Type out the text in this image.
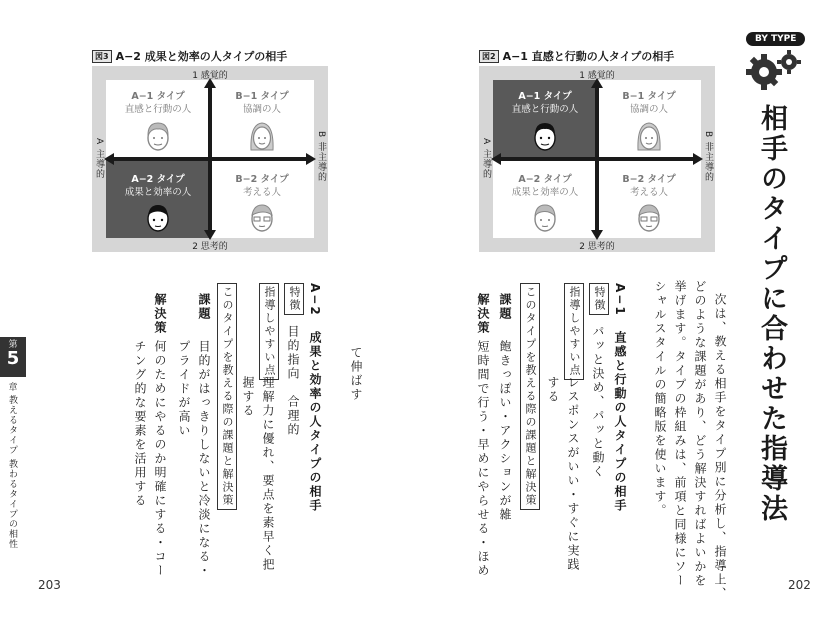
図3 A−2 成果と効率の人タイプの相手
A−1 タイプ
直感と行動の人
B−1 タイプ
協調の人
A−2 タイプ
成果と効率の人
B−2 タイプ
考える人
1 感覚的
2 思考的
A 主導的	B 非主導的
図2 A−1 直感と行動の人タイプの相手
A−1 タイプ
直感と行動の人
B−1 タイプ
協調の人
A−2 タイプ
成果と効率の人
B−2 タイプ
考える人
1 感覚的
2 思考的
A 主導的	B 非主導的
BY TYPE
相手のタイプに合わせた指導法
次は、教える相手をタイプ別に分析し、指導上、
どのような課題があり、どう解決すればよいかを
挙げます。タイプの枠組みは、前項と同様にソー
シャルスタイルの簡略版を使います。
A−1　直感と行動の人タイプの相手
特徴
パッと決め、パッと動く
指導しやすい点
レスポンスがいい・すぐに実践
する
このタイプを教える際の課題と解決策
課題
飽きっぽい・アクションが雑
解決策
短時間で行う・早めにやらせる・ほめ
202
て伸ばす
A−2　成果と効率の人タイプの相手
特徴
目的指向　合理的
指導しやすい点
理解力に優れ、要点を素早く把
握する
このタイプを教える際の課題と解決策
課題
目的がはっきりしないと冷淡になる・
プライドが高い
解決策
何のためにやるのか明確にする・コー
チング的な要素を活用する
第
5
章
教えるタイプ 教わるタイプの相性
203
